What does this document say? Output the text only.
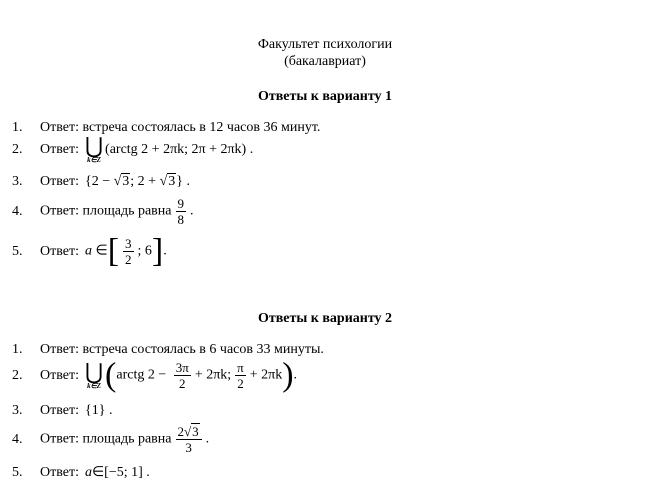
Факультет психологии
(бакалавриат)
Ответы к варианту 1
1. Ответ: встреча состоялась в 12 часов 36 минут.
2. Ответ: ⋃
k∈Z
(arctg 2 + 2πk; 2π + 2πk) .
3. Ответ: {2 − √3; 2 + √3} .
4. Ответ: площадь равна $\frac{9}{8}$ .
5. Ответ: a ∈[ $\frac{3}{2}$ ; 6].
Ответы к варианту 2
1. Ответ: встреча состоялась в 6 часов 33 минуты.
2. Ответ: ⋃
k∈Z (arctg $2 - \frac{3\pi}{2} + 2\pi k$; $\frac{\pi}{2} + 2\pi k$).
3. Ответ: {1} .
4. Ответ: площадь равна $\frac{2√3}{3}$ .
5. Ответ: a∈[−5; 1] .
